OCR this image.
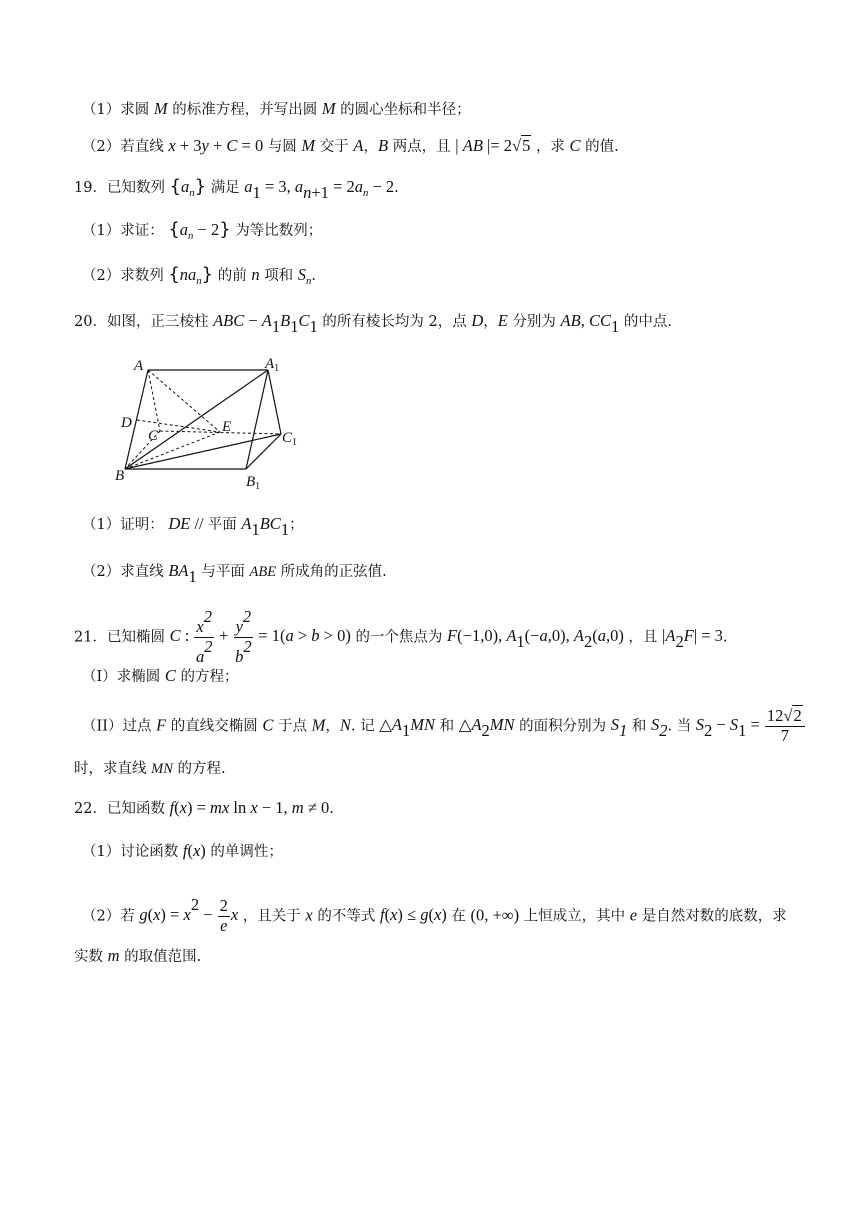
（1）求圆 M 的标准方程，并写出圆 M 的圆心坐标和半径；
（2）若直线 x + 3y + C = 0 与圆 M 交于 A，B 两点，且 | AB |= 2√5 ，求 C 的值.
19．已知数列 $\{a_n\}$ 满足 $a_1 = 3$, $a_{n+1} = 2a_n - 2$.
（1）求证： $\{a_n - 2\}$ 为等比数列；
（2）求数列 $\{na_n\}$ 的前 n 项和 $S_n$.
20．如图，正三棱柱 ABC − $A_1B_1C_1$ 的所有棱长均为 2，点 D，E 分别为 AB, $CC_1$ 的中点.
A	$A_1$
D
C
E
$C_1$
B	$B_1$
（1）证明： DE // 平面 $A_1BC_1$；
（2）求直线 $BA_1$ 与平面 ABE 所成角的正弦值.
21．已知椭圆 C : $\frac{x^2}{a^2} + \frac{y^2}{b^2} = 1(a > b > 0)$ 的一个焦点为 F(−1,0), $A_1(-a,0)$, $A_2(a,0)$ ，且 $|A_2F| = 3$.
（I）求椭圆 C 的方程；
（II）过点 F 的直线交椭圆 C 于点 M，N. 记 $\triangle A_1MN$ 和 $\triangle A_2MN$ 的面积分别为 $S_1$ 和 $S_2$. 当 $S_2 - S_1 = \frac{12√2}{7}$
时，求直线 MN 的方程.
22．已知函数 f(x) = mx ln x − 1, m ≠ 0.
（1）讨论函数 f(x) 的单调性；
（2）若 $g(x) = x^2 - \frac{2}{e}$ x ，且关于 x 的不等式 f(x) ≤ g(x) 在 (0, +∞) 上恒成立，其中 e 是自然对数的底数，求
实数 m 的取值范围.
